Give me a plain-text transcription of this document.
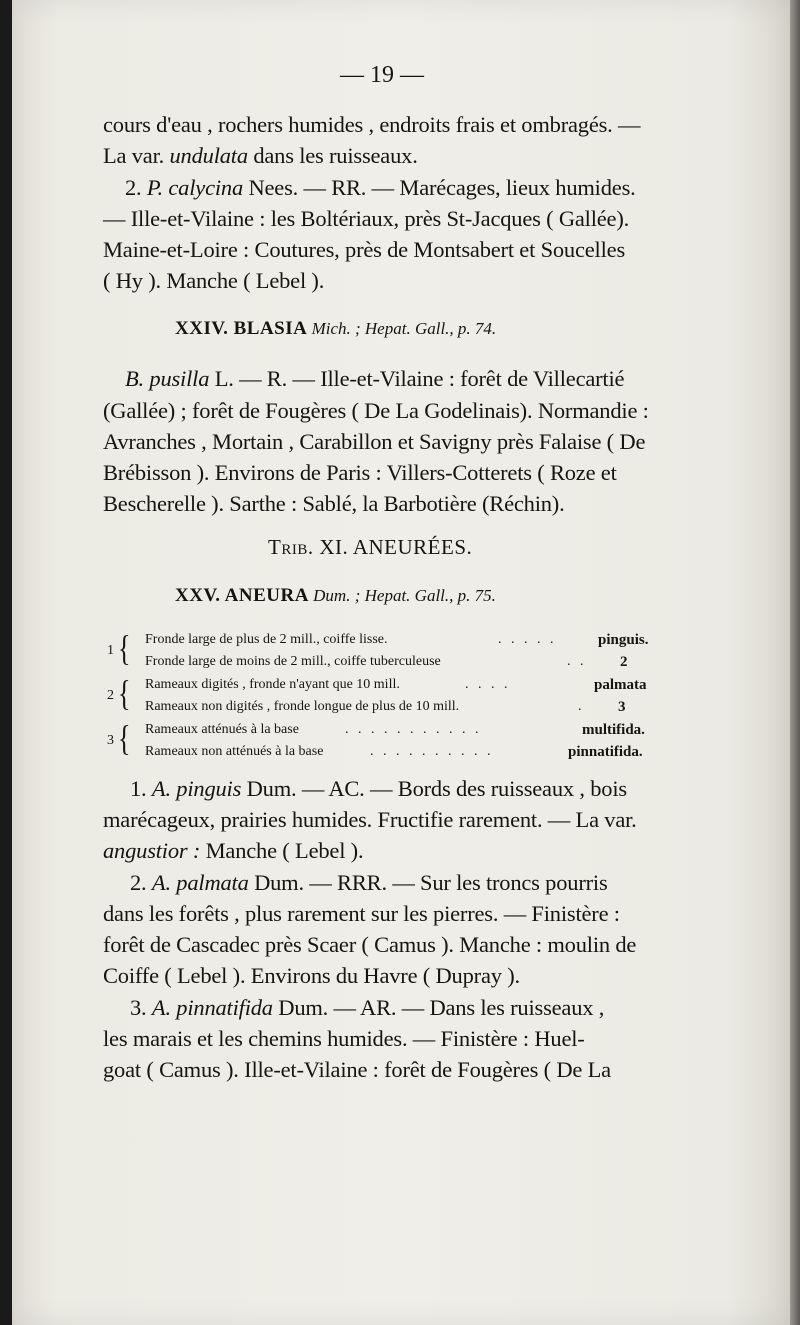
— 19 —
cours d'eau , rochers humides , endroits frais et ombragés. —
La var. undulata dans les ruisseaux.
2. P. calycina Nees. — RR. — Marécages, lieux humides.
— Ille-et-Vilaine : les Boltériaux, près St-Jacques ( Gallée).
Maine-et-Loire : Coutures, près de Montsabert et Soucelles
( Hy ). Manche ( Lebel ).
XXIV. BLASIA Mich. ; Hepat. Gall., p. 74.
B. pusilla L. — R. — Ille-et-Vilaine : forêt de Villecartié
(Gallée) ; forêt de Fougères ( De La Godelinais). Normandie :
Avranches , Mortain , Carabillon et Savigny près Falaise ( De
Brébisson ). Environs de Paris : Villers-Cotterets ( Roze et
Bescherelle ). Sarthe : Sablé, la Barbotière (Réchin).
TRIB. XI. ANEURÉES.
XXV. ANEURA Dum. ; Hepat. Gall., p. 75.
1 { Fronde large de plus de 2 mill., coiffe lisse.	. . . . .	pinguis.
Fronde large de moins de 2 mill., coiffe tuberculeuse	. . 2
2 { Rameaux digités , fronde n'ayant que 10 mill.	. . . .	palmata
Rameaux non digités , fronde longue de plus de 10 mill.	. 3
3 { Rameaux atténués à la base	. . . . . . . . . . .	multifida.
Rameaux non atténués à la base	. . . . . . . . . .	pinnatifida.
1. A. pinguis Dum. — AC. — Bords des ruisseaux , bois
marécageux, prairies humides. Fructifie rarement. — La var.
angustior : Manche ( Lebel ).
2. A. palmata Dum. — RRR. — Sur les troncs pourris
dans les forêts , plus rarement sur les pierres. — Finistère :
forêt de Cascadec près Scaer ( Camus ). Manche : moulin de
Coiffe ( Lebel ). Environs du Havre ( Dupray ).
3. A. pinnatifida Dum. — AR. — Dans les ruisseaux ,
les marais et les chemins humides. — Finistère : Huel-
goat ( Camus ). Ille-et-Vilaine : forêt de Fougères ( De La
